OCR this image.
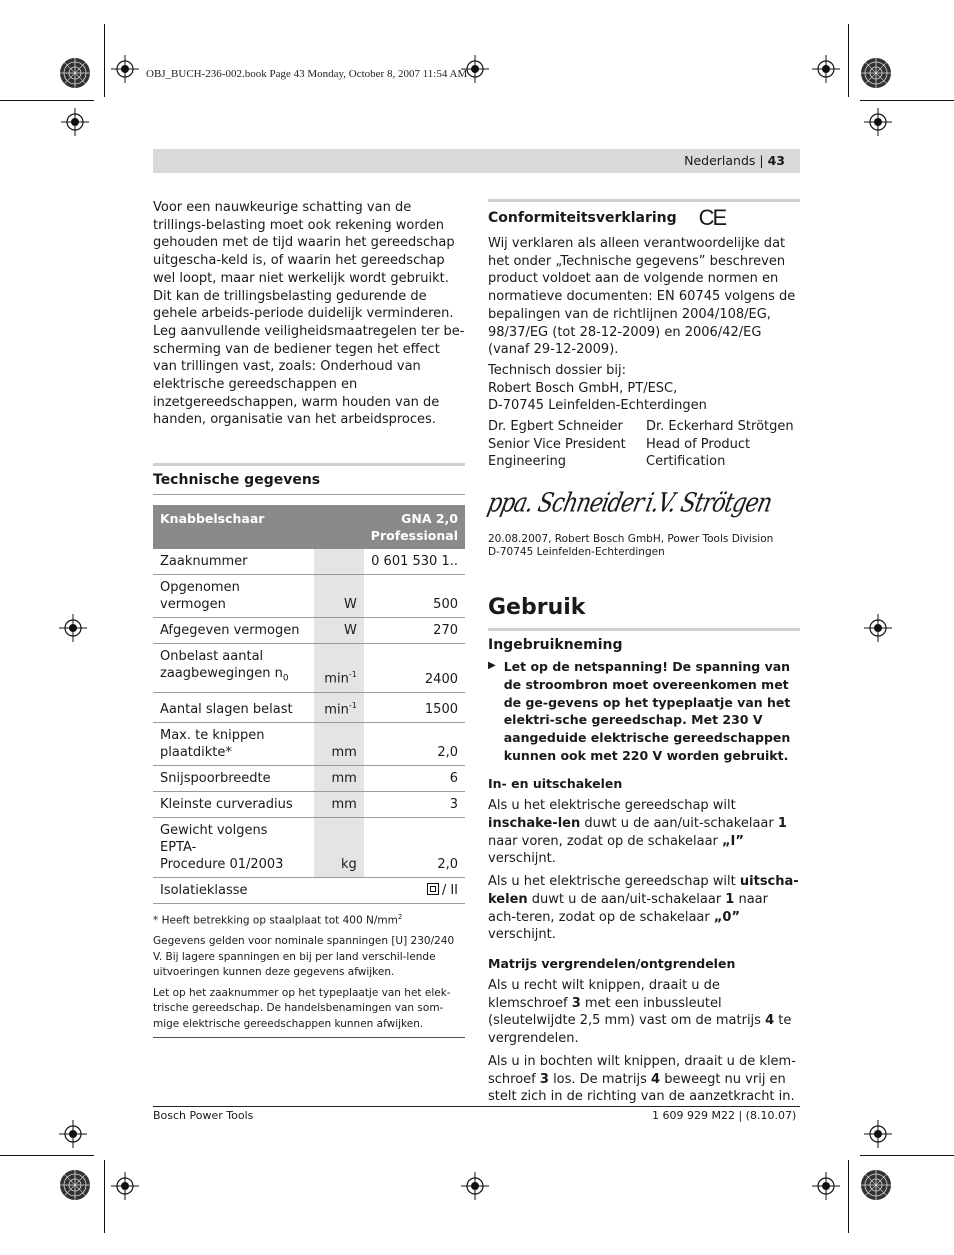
OBJ_BUCH-236-002.book Page 43 Monday, October 8, 2007 11:54 AM
Nederlands | 43

Voor een nauwkeurige schatting van de trillings-belasting moet ook rekening worden gehouden met de tijd waarin het gereedschap uitgescha-keld is, of waarin het gereedschap wel loopt, maar niet werkelijk wordt gebruikt. Dit kan de trillingsbelasting gedurende de gehele arbeids-periode duidelijk verminderen.

Leg aanvullende veiligheidsmaatregelen ter be-scherming van de bediener tegen het effect van trillingen vast, zoals: Onderhoud van elektrische gereedschappen en inzetgereedschappen, warm houden van de handen, organisatie van het arbeidsproces.

Technische gegevens
Knabbelschaar		GNA 2,0
Professional
Zaaknummer		0 601 530 1..
Opgenomen vermogen	W	500
Afgegeven vermogen	W	270
Onbelast aantal
zaagbewegingen $n_0$	$\min^{-1}$	2400
Aantal slagen belast	$\min^{-1}$	1500
Max. te knippen
plaatdikte*	mm	2,0
Snijspoorbreedte	mm	6
Kleinste curveradius	mm	3
Gewicht volgens EPTA-
Procedure 01/2003	kg	2,0
Isolatieklasse		/ II

* Heeft betrekking op staalplaat tot 400 $N/mm^2$

Gegevens gelden voor nominale spanningen [U] 230/240 V. Bij lagere spanningen en bij per land verschil-lende uitvoeringen kunnen deze gegevens afwijken.

Let op het zaaknummer op het typeplaatje van het elek-trische gereedschap. De handelsbenamingen van som-mige elektrische gereedschappen kunnen afwijken.

Conformiteitsverklaring CE

Wij verklaren als alleen verantwoordelijke dat het onder „Technische gegevens” beschreven product voldoet aan de volgende normen en normatieve documenten: EN 60745 volgens de bepalingen van de richtlijnen 2004/108/EG, 98/37/EG (tot 28-12-2009) en 2006/42/EG (vanaf 29-12-2009).

Technisch dossier bij:
Robert Bosch GmbH, PT/ESC,
D-70745 Leinfelden-Echterdingen

Dr. Egbert Schneider
Senior Vice President
Engineering

Dr. Eckerhard Strötgen
Head of Product
Certification

ppa. Schneider
i.V. Strötgen

20.08.2007, Robert Bosch GmbH, Power Tools Division
D-70745 Leinfelden-Echterdingen

Gebruik
Ingebruikneming
▶ Let op de netspanning! De spanning van de stroombron moet overeenkomen met de ge-gevens op het typeplaatje van het elektri-sche gereedschap. Met 230 V aangeduide elektrische gereedschappen kunnen ook met 220 V worden gebruikt.

In- en uitschakelen

Als u het elektrische gereedschap wilt inschake-len duwt u de aan/uit-schakelaar 1 naar voren, zodat op de schakelaar „I” verschijnt.

Als u het elektrische gereedschap wilt uitscha-kelen duwt u de aan/uit-schakelaar 1 naar ach-teren, zodat op de schakelaar „0” verschijnt.

Matrijs vergrendelen/ontgrendelen

Als u recht wilt knippen, draait u de klemschroef 3 met een inbussleutel (sleutelwijdte 2,5 mm) vast om de matrijs 4 te vergrendelen.

Als u in bochten wilt knippen, draait u de klem-schroef 3 los. De matrijs 4 beweegt nu vrij en stelt zich in de richting van de aanzetkracht in.

Bosch Power Tools	1 609 929 M22 | (8.10.07)
